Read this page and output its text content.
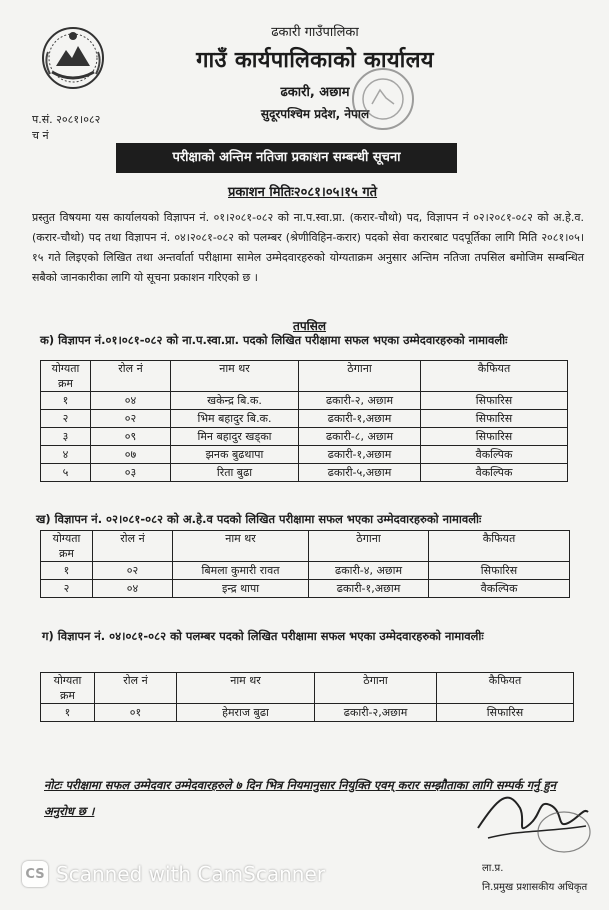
ढकारी गाउँपालिका
गाउँ कार्यपालिकाको कार्यालय
ढकारी, अछाम
सुदूरपश्चिम प्रदेश, नेपाल
प.सं. २०८१।०८२
च नं
परीक्षाको अन्तिम नतिजा प्रकाशन सम्बन्धी सूचना
प्रकाशन मितिः२०८१।०५।१५ गते
प्रस्तुत विषयमा यस कार्यालयको विज्ञापन नं. ०१।२०८१-०८२ को ना.प.स्वा.प्रा. (करार-चौथो) पद, विज्ञापन नं ०२।२०८१-०८२ को अ.हे.व. (करार-चौथो) पद तथा विज्ञापन नं. ०४।२०८१-०८२ को पलम्बर (श्रेणीविहिन-करार) पदको सेवा करारबाट पदपूर्तिका लागि मिति २०८१।०५।१५ गते लिइएको लिखित तथा अन्तर्वार्ता परीक्षामा सामेल उम्मेदवारहरुको योग्यताक्रम अनुसार अन्तिम नतिजा तपसिल बमोजिम सम्बन्धित सबैको जानकारीका लागि यो सूचना प्रकाशन गरिएको छ ।
तपसिल
क) विज्ञापन नं.०१।०८१-०८२ को ना.प.स्वा.प्रा. पदको लिखित परीक्षामा सफल भएका उम्मेदवारहरुको नामावलीः
योग्यता
क्रम	रोल नं	नाम थर	ठेगाना	कैफियत
१	०४	खकेन्द्र बि.क.	ढकारी-२, अछाम	सिफारिस
२	०२	भिम बहादुर बि.क.	ढकारी-१,अछाम	सिफारिस
३	०९	मिन बहादुर खड्का	ढकारी-८, अछाम	सिफारिस
४	०७	झनक बुढथापा	ढकारी-१,अछाम	वैकल्पिक
५	०३	रिता बुढा	ढकारी-५,अछाम	वैकल्पिक
ख) विज्ञापन नं. ०२।०८१-०८२ को अ.हे.व पदको लिखित परीक्षामा सफल भएका उम्मेदवारहरुको नामावलीः
योग्यता
क्रम	रोल नं	नाम थर	ठेगाना	कैफियत
१	०२	बिमला कुमारी रावत	ढकारी-४, अछाम	सिफारिस
२	०४	इन्द्र थापा	ढकारी-१,अछाम	वैकल्पिक
ग) विज्ञापन नं. ०४।०८१-०८२ को पलम्बर पदको लिखित परीक्षामा सफल भएका उम्मेदवारहरुको नामावलीः
योग्यता
क्रम	रोल नं	नाम थर	ठेगाना	कैफियत
१	०१	हेमराज बुढा	ढकारी-२,अछाम	सिफारिस
नोटः परीक्षामा सफल उम्मेदवार उम्मेदवारहरुले ७ दिन भित्र नियमानुसार नियुक्ति एवम् करार सम्झौताका लागि सम्पर्क गर्नु हुन अनुरोध छ ।
ला.प्र.
नि.प्रमुख प्रशासकीय अधिकृत
CS Scanned with CamScanner
